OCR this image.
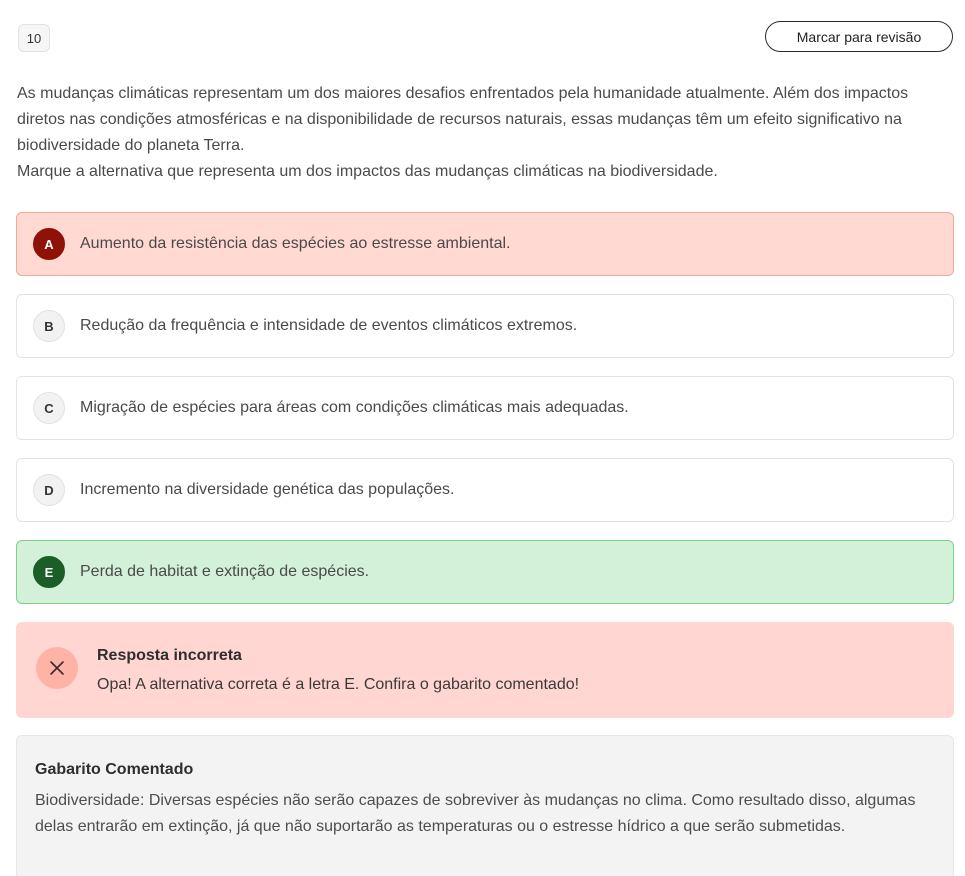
10	Marcar para revisão

As mudanças climáticas representam um dos maiores desafios enfrentados pela humanidade atualmente. Além dos impactos diretos nas condições atmosféricas e na disponibilidade de recursos naturais, essas mudanças têm um efeito significativo na biodiversidade do planeta Terra.

Marque a alternativa que representa um dos impactos das mudanças climáticas na biodiversidade.

A	Aumento da resistência das espécies ao estresse ambiental.
B	Redução da frequência e intensidade de eventos climáticos extremos.
C	Migração de espécies para áreas com condições climáticas mais adequadas.
D	Incremento na diversidade genética das populações.
E	Perda de habitat e extinção de espécies.
Resposta incorreta
Opa! A alternativa correta é a letra E. Confira o gabarito comentado!
Gabarito Comentado
Biodiversidade: Diversas espécies não serão capazes de sobreviver às mudanças no clima. Como resultado disso, algumas delas entrarão em extinção, já que não suportarão as temperaturas ou o estresse hídrico a que serão submetidas.
